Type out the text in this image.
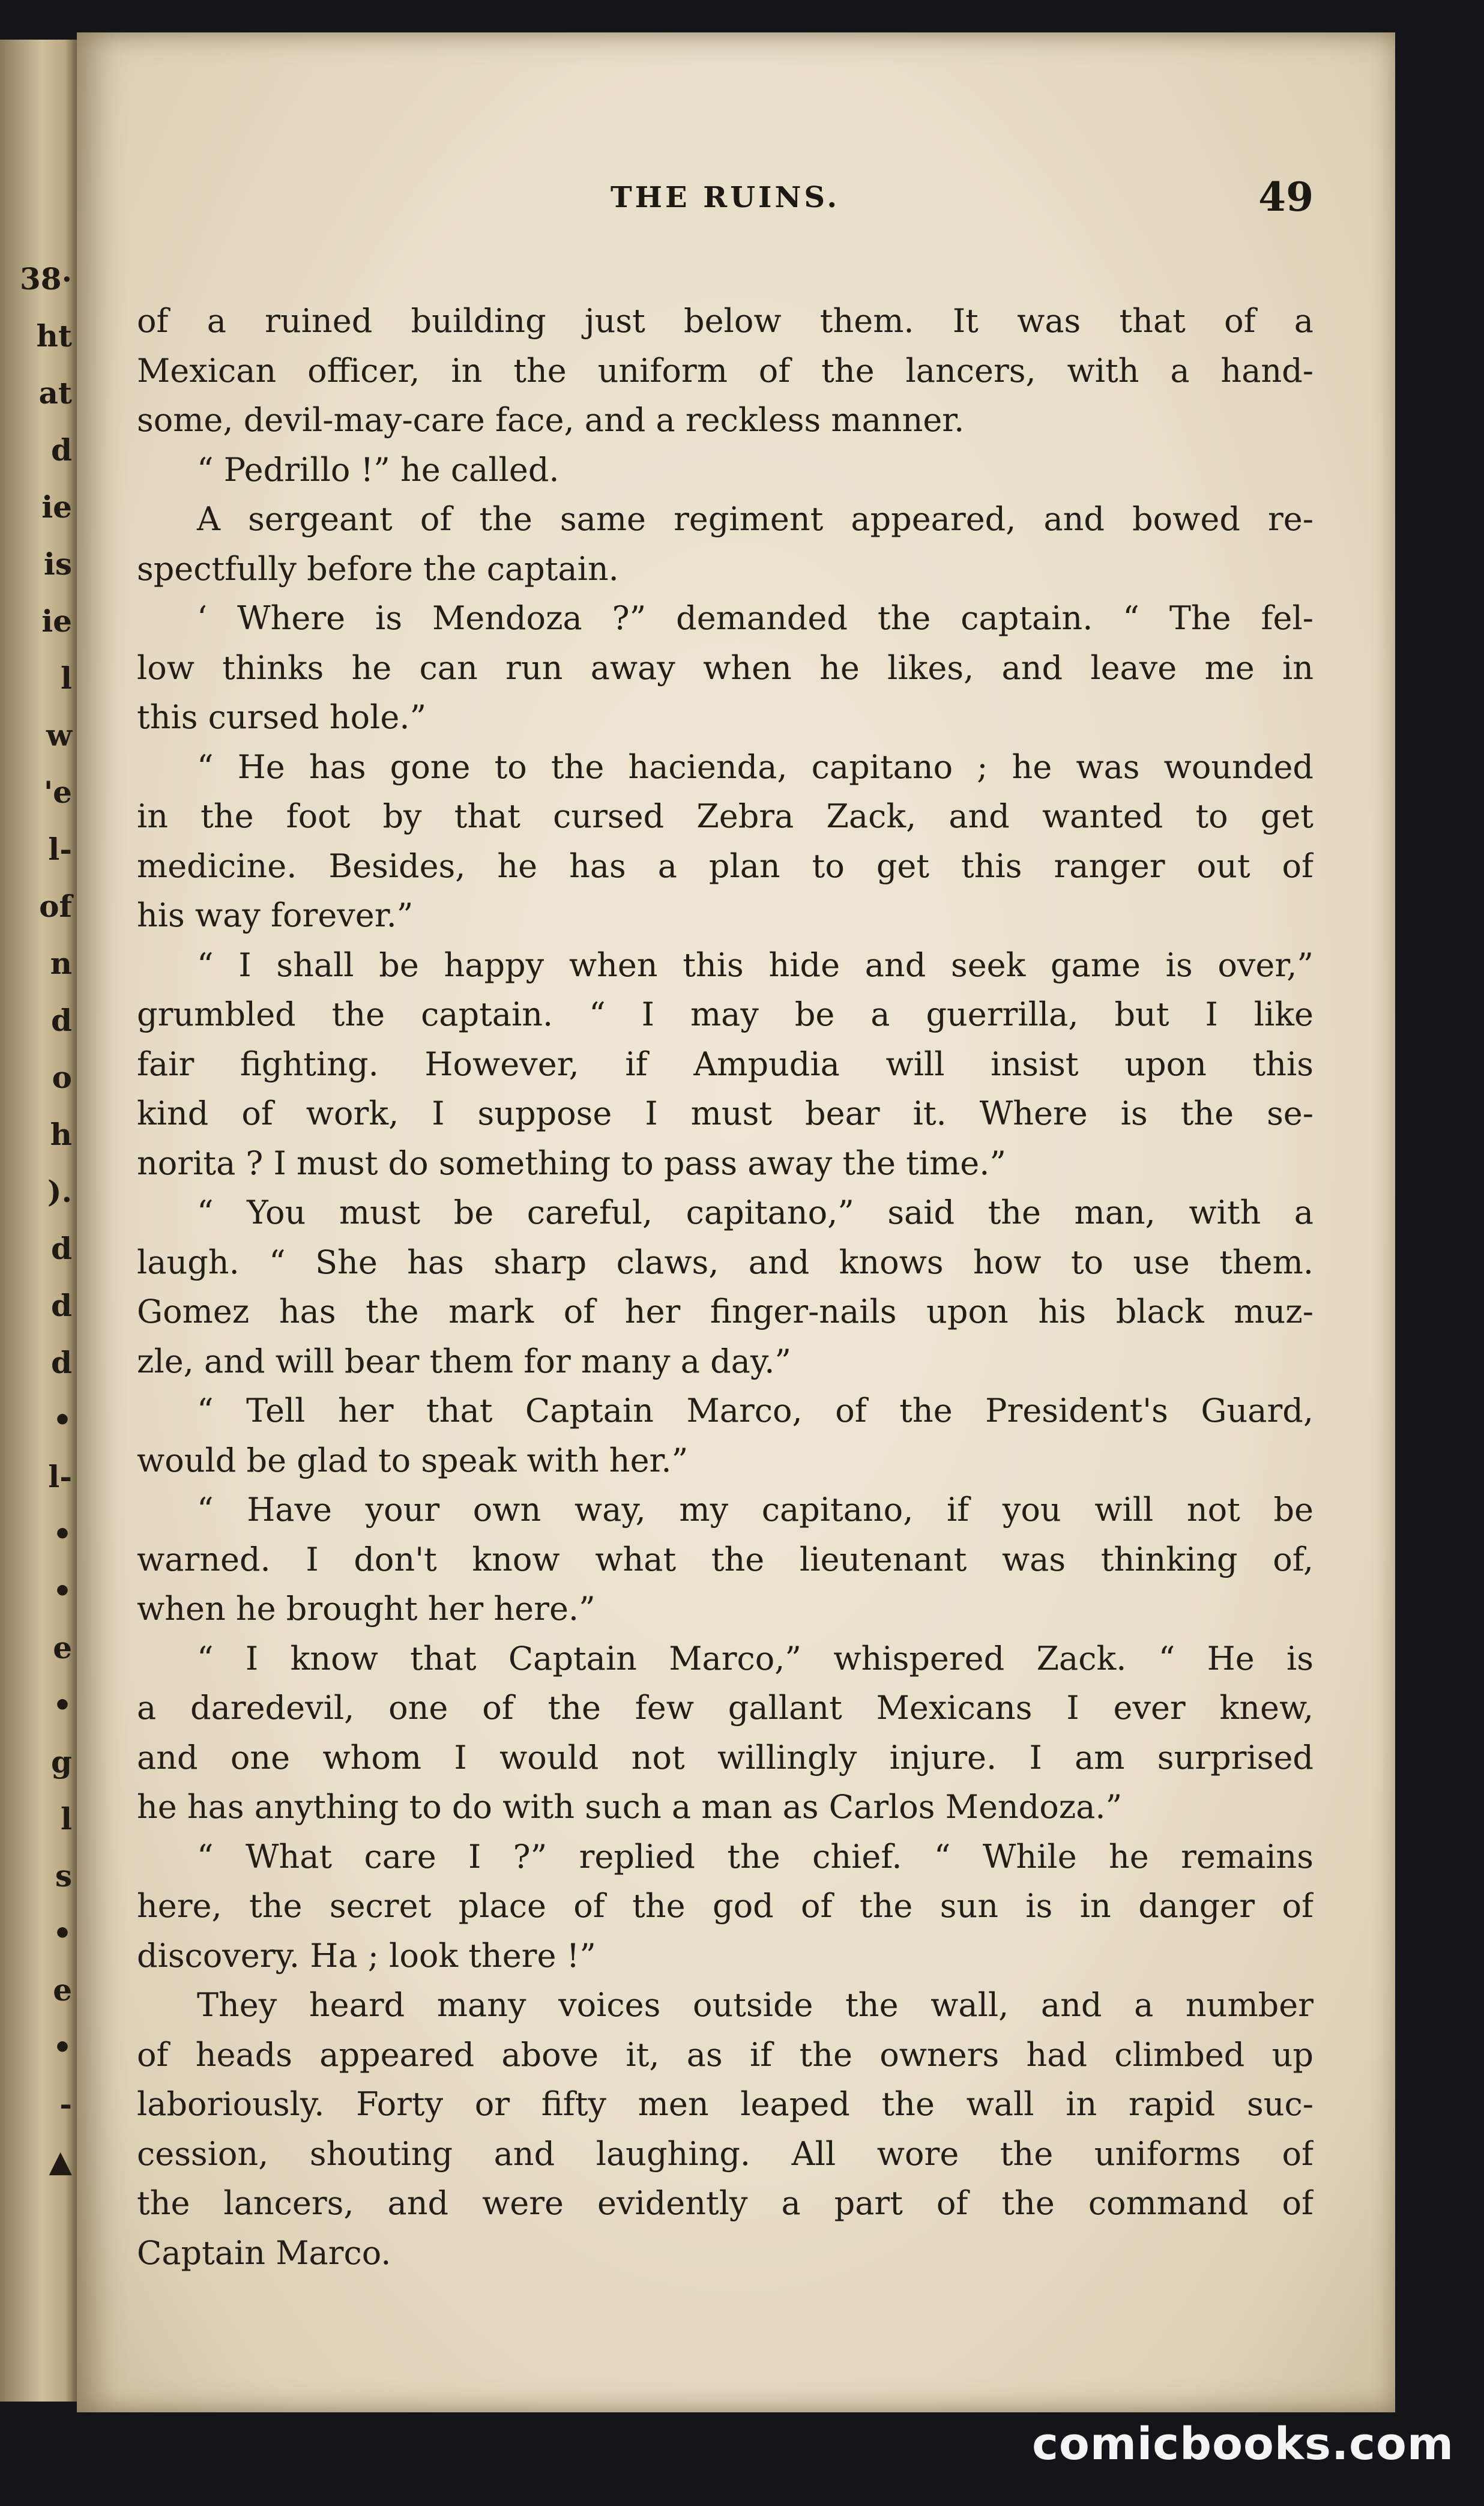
38·
ht
at
d
ie
is
ie
l
w
'e
l-
of
n
d
o
h
).
d
d
d
•
l-
•
•
e
•
g
l
s
•
e
•
-
▲
THE RUINS.	49
of a ruined building just below them. It was that of a
Mexican officer, in the uniform of the lancers, with a hand-
some, devil-may-care face, and a reckless manner.
“ Pedrillo !” he called.
A sergeant of the same regiment appeared, and bowed re-
spectfully before the captain.
‘ Where is Mendoza ?” demanded the captain. “ The fel-
low thinks he can run away when he likes, and leave me in
this cursed hole.”
“ He has gone to the hacienda, capitano ; he was wounded
in the foot by that cursed Zebra Zack, and wanted to get
medicine. Besides, he has a plan to get this ranger out of
his way forever.”
“ I shall be happy when this hide and seek game is over,”
grumbled the captain. “ I may be a guerrilla, but I like
fair fighting. However, if Ampudia will insist upon this
kind of work, I suppose I must bear it. Where is the se-
norita ? I must do something to pass away the time.”
“ You must be careful, capitano,” said the man, with a
laugh. “ She has sharp claws, and knows how to use them.
Gomez has the mark of her finger-nails upon his black muz-
zle, and will bear them for many a day.”
“ Tell her that Captain Marco, of the President's Guard,
would be glad to speak with her.”
“ Have your own way, my capitano, if you will not be
warned. I don't know what the lieutenant was thinking of,
when he brought her here.”
“ I know that Captain Marco,” whispered Zack. “ He is
a daredevil, one of the few gallant Mexicans I ever knew,
and one whom I would not willingly injure. I am surprised
he has anything to do with such a man as Carlos Mendoza.”
“ What care I ?” replied the chief. “ While he remains
here, the secret place of the god of the sun is in danger of
discovery. Ha ; look there !”
They heard many voices outside the wall, and a number
of heads appeared above it, as if the owners had climbed up
laboriously. Forty or fifty men leaped the wall in rapid suc-
cession, shouting and laughing. All wore the uniforms of
the lancers, and were evidently a part of the command of
Captain Marco.
comicbooks.com
